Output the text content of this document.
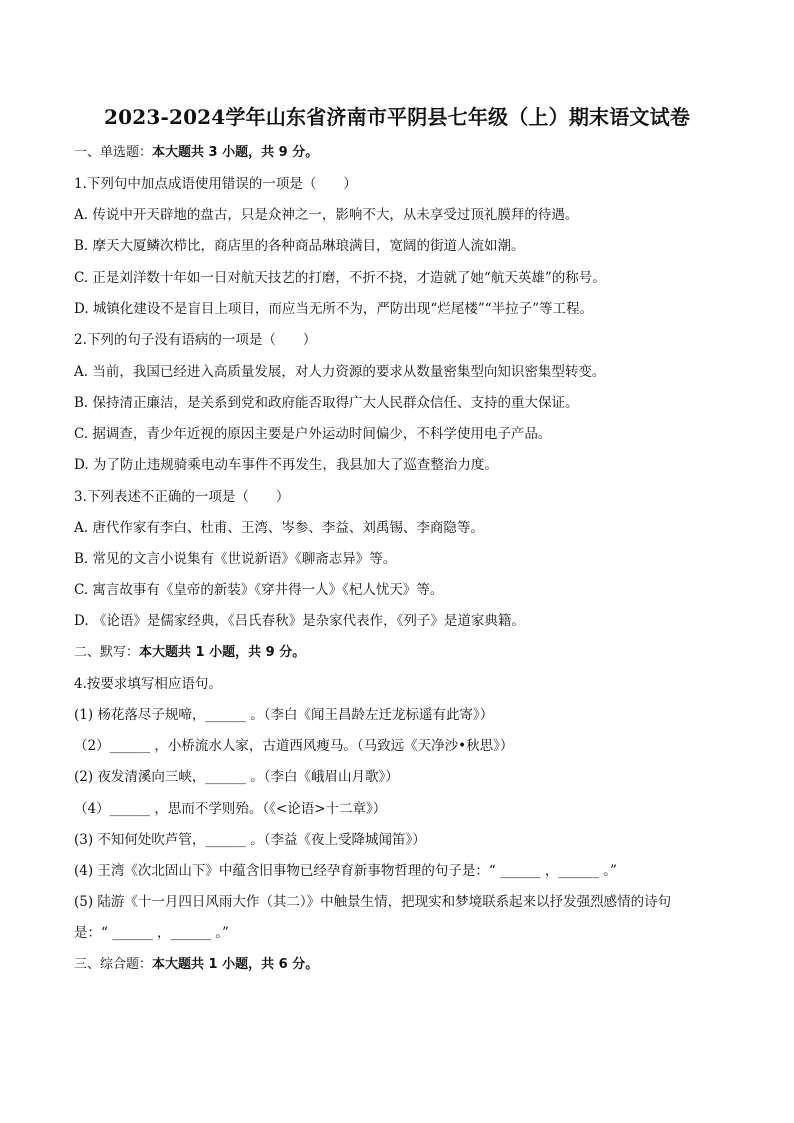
2023-2024学年山东省济南市平阴县七年级（上）期末语文试卷
一、单选题：本大题共 3 小题，共 9 分。
1.下列句中加点成语使用错误的一项是（　　）
A. 传说中开天辟地的盘古，只是众神之一，影响不大，从未享受过顶礼膜拜的待遇。
B. 摩天大厦鳞次栉比，商店里的各种商品琳琅满目，宽阔的街道人流如潮。
C. 正是刘洋数十年如一日对航天技艺的打磨，不折不挠，才造就了她“航天英雄”的称号。
D. 城镇化建设不是盲目上项目，而应当无所不为，严防出现“烂尾楼”“半拉子”等工程。
2.下列的句子没有语病的一项是（　　）
A. 当前，我国已经进入高质量发展，对人力资源的要求从数量密集型向知识密集型转变。
B. 保持清正廉洁，是关系到党和政府能否取得广大人民群众信任、支持的重大保证。
C. 据调查，青少年近视的原因主要是户外运动时间偏少，不科学使用电子产品。
D. 为了防止违规骑乘电动车事件不再发生，我县加大了巡查整治力度。
3.下列表述不正确的一项是（　　）
A. 唐代作家有李白、杜甫、王湾、岑参、李益、刘禹锡、李商隐等。
B. 常见的文言小说集有《世说新语》《聊斋志异》等。
C. 寓言故事有《皇帝的新装》《穿井得一人》《杞人忧天》等。
D. 《论语》是儒家经典，《吕氏春秋》是杂家代表作，《列子》是道家典籍。
二、默写：本大题共 1 小题，共 9 分。
4.按要求填写相应语句。
(1) 杨花落尽子规啼，______ 。（李白《闻王昌龄左迁龙标遥有此寄》）
（2）______ ，小桥流水人家，古道西风瘦马。（马致远《天净沙•秋思》）
(2) 夜发清溪向三峡，______ 。（李白《峨眉山月歌》）
（4）______ ，思而不学则殆。（《<论语>十二章》）
(3) 不知何处吹芦管，______ 。（李益《夜上受降城闻笛》）
(4) 王湾《次北固山下》中蕴含旧事物已经孕育新事物哲理的句子是：“ ______ ，______ 。”
(5) 陆游《十一月四日风雨大作（其二）》中触景生情，把现实和梦境联系起来以抒发强烈感情的诗句
是：“ ______ ，______ 。”
三、综合题：本大题共 1 小题，共 6 分。
